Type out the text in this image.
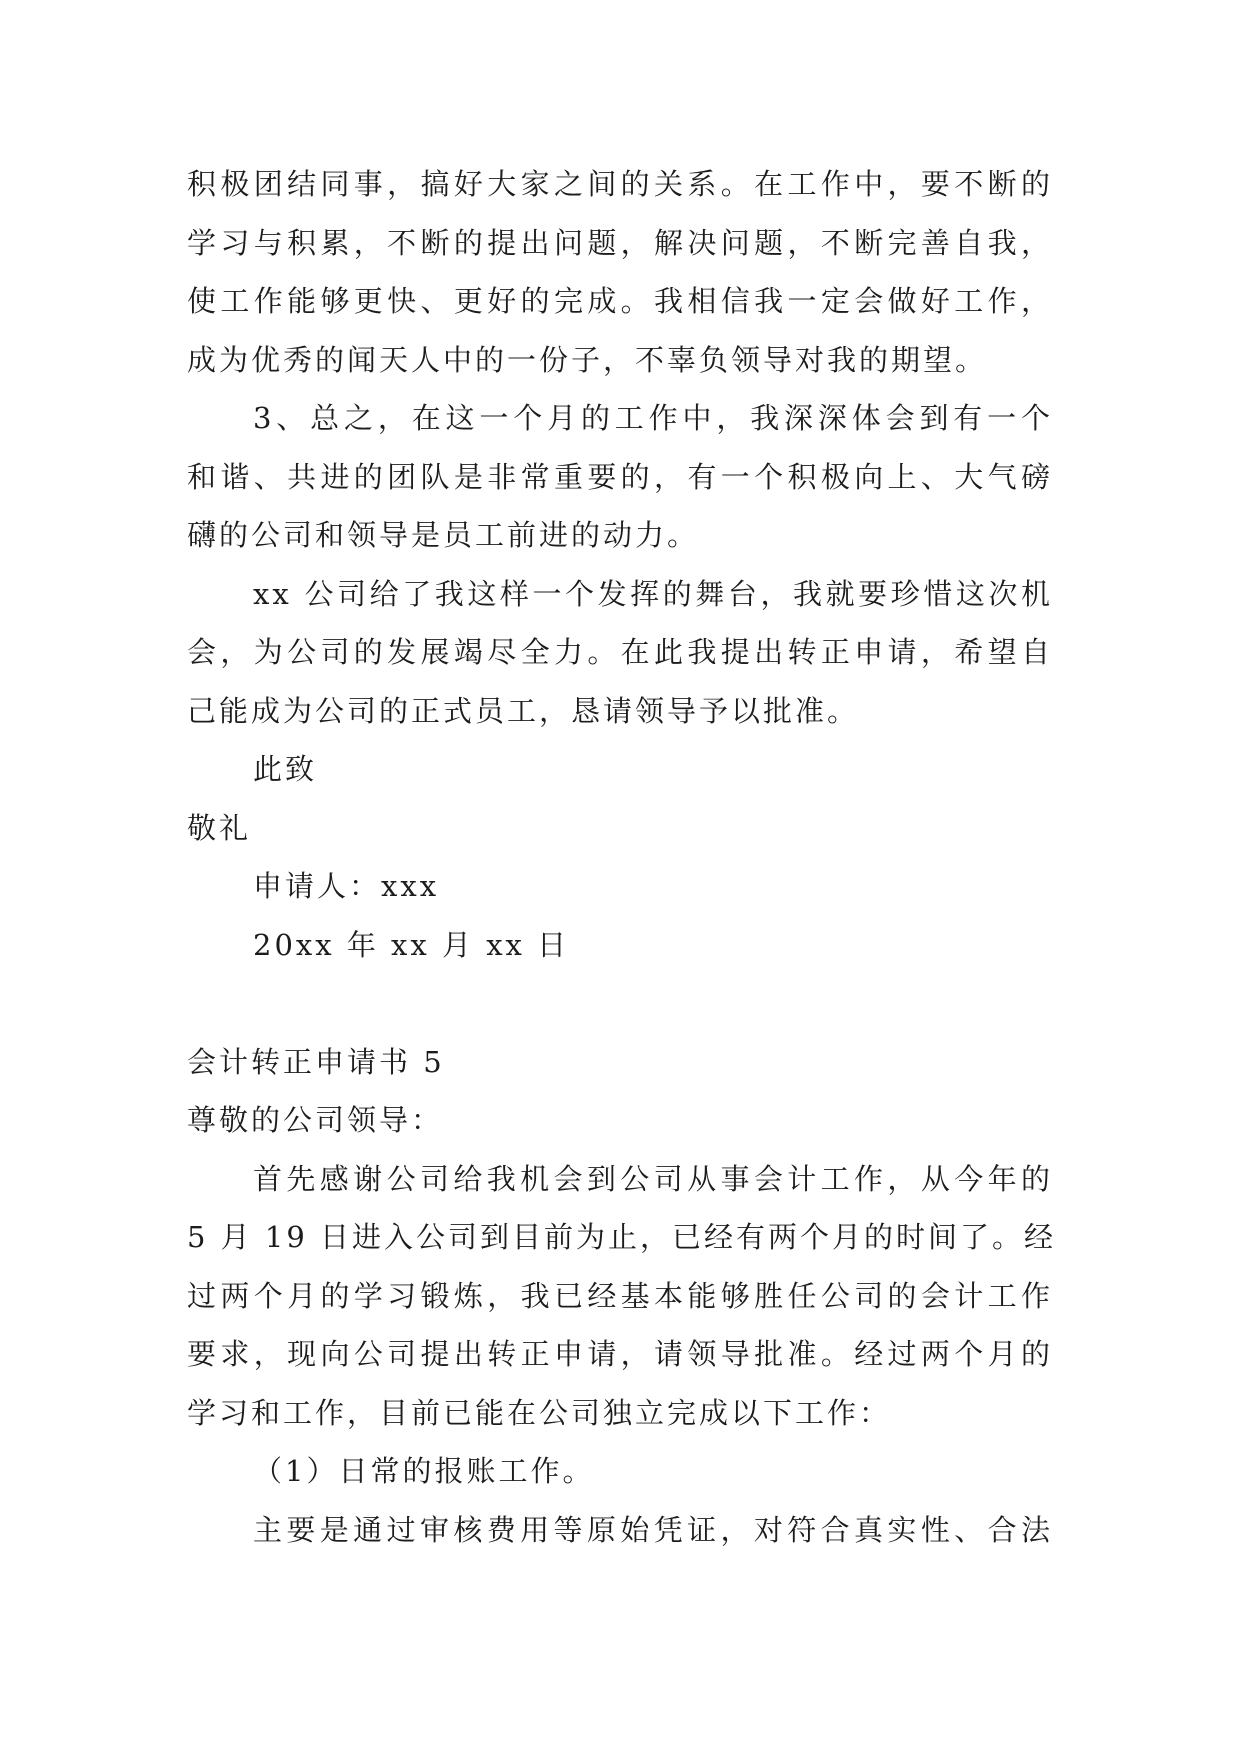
积极团结同事，搞好大家之间的关系。在工作中，要不断的
学习与积累，不断的提出问题，解决问题，不断完善自我，
使工作能够更快、更好的完成。我相信我一定会做好工作，
成为优秀的闻天人中的一份子，不辜负领导对我的期望。
3、总之，在这一个月的工作中，我深深体会到有一个
和谐、共进的团队是非常重要的，有一个积极向上、大气磅
礴的公司和领导是员工前进的动力。
xx 公司给了我这样一个发挥的舞台，我就要珍惜这次机
会，为公司的发展竭尽全力。在此我提出转正申请，希望自
己能成为公司的正式员工，恳请领导予以批准。
此致
敬礼
申请人：xxx
20xx 年 xx 月 xx 日
会计转正申请书 5
尊敬的公司领导：
首先感谢公司给我机会到公司从事会计工作，从今年的
5 月 19 日进入公司到目前为止，已经有两个月的时间了。经
过两个月的学习锻炼，我已经基本能够胜任公司的会计工作
要求，现向公司提出转正申请，请领导批准。经过两个月的
学习和工作，目前已能在公司独立完成以下工作：
（1）日常的报账工作。
主要是通过审核费用等原始凭证，对符合真实性、合法
